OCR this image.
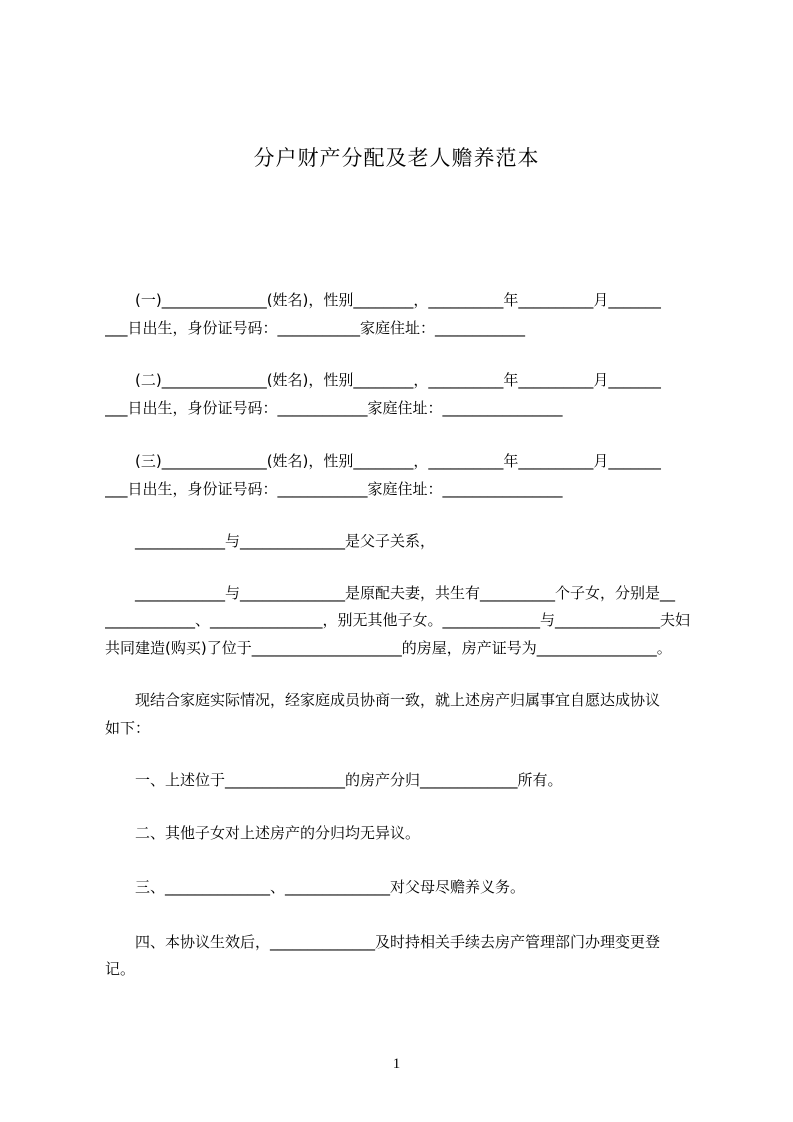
分户财产分配及老人赡养范本
　　(一)______________(姓名)，性别________，__________年__________月_______
___日出生，身份证号码：___________家庭住址：____________
　　(二)______________(姓名)，性别________，__________年__________月_______
___日出生，身份证号码：____________家庭住址：________________
　　(三)______________(姓名)，性别________，__________年__________月_______
___日出生，身份证号码：____________家庭住址：________________
　　____________与______________是父子关系，
　　____________与______________是原配夫妻，共生有__________个子女，分别是__
____________、_______________，别无其他子女。_____________与______________夫妇
共同建造(购买)了位于____________________的房屋，房产证号为________________。
　　现结合家庭实际情况，经家庭成员协商一致，就上述房产归属事宜自愿达成协议
如下：
　　一、上述位于________________的房产分归_____________所有。
　　二、其他子女对上述房产的分归均无异议。
　　三、______________、______________对父母尽赡养义务。
　　四、本协议生效后，______________及时持相关手续去房产管理部门办理变更登
记。
1
